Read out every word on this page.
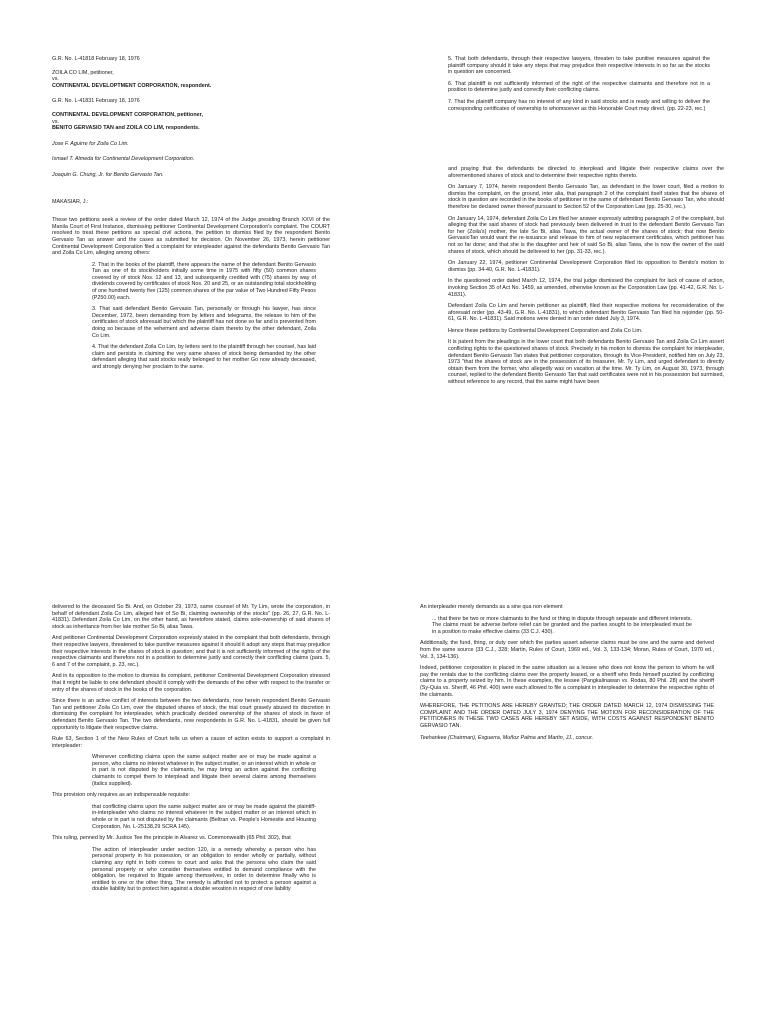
G.R. No. L-41818 February 18, 1976

ZOILA CO LIM, petitioner,

vs.

CONTINENTAL DEVELOPTMENT CORPORATION, respondent.

G.R. No. L-41831 February 18, 1976

CONTINENTAL DEVELOPMENT CORPORATION, petitioner,

vs.

BENITO GERVASIO TAN and ZOILA CO LIM, respondents.

Jose F. Aguirre for Zoila Co Lim.

Ismael T. Almeda for Continental Development Corporation.

Joaquin G. Chung, Jr. for Benito Gervasio Tan.

MAKASIAR, J.:

These two petitions seek a review of the order dated March 12, 1974 of the Judge presiding Branch XXVI of the Manila Court of First Instance, dismissing petitioner Continental Development Corporation's complaint. The COURT resolved to treat these petitions as special civil actions, the petition to dismiss filed by the respondent Benito Gervasio Tan as answer and the cases as submitted for decision. On November 26, 1973, herein petitioner Continental Development Corporation filed a complaint for interpleader against the defendants Benito Gervasio Tan and Zoila Co Lim, alleging among others:

2. That in the books of the plaintiff, there appears the name of the defendant Benito Gervasio Tan as one of its stockholders initially some time in 1975 with fifty (50) common shares covered by of stock Nos. 12 and 13, and subsequently credited with (75) shares by way of dividends covered by certificates of stock Nos. 20 and 25, or an outstanding total stockholding of one hundred twenty five (125) common shares of the par value of Two Hundred Fifty Pesos (P250.00) each.

3. That said defendant Benito Gervasio Tan, personally or through his lawyer, has since December, 1972, been demanding from by letters and telegrams, the release to him of the certificates of stock aforesaid but which the plaintiff has not done so far and is prevented from doing so because of the vehement and adverse claim thereto by the other defendant, Zoila Co Lim.

4. That the defendant Zoila Co Lim, by letters sent to the plaintiff through her counsel, has laid claim and persists in claiming the very same shares of stock being demanded by the other defendant alleging that said stocks really belonged to her mother Go now already deceased, and strongly denying her proclaim to the same.

5. That both defendants, through their respective lawyers, threaten to take punitive measures against the plaintiff company should it take any steps that may prejudice their respective interests in so far as the stocks in question are concerned.

6. That plaintiff is not sufficiently informed of the right of the respective claimants and therefore not in a position to determine justly and correctly their conflicting claims.

7. That the plaintiff company has no interest of any kind in said stocks and is ready and willing to deliver the corresponding certificates of ownership to whomsoever as this Honorable Court may direct. (pp. 22-23, rec.)

and praying that the defendants be directed to interplead and litigate their respective claims over the aforementioned shares of stock and to determine their respective rights thereto.

On January 7, 1974, herein respondent Benito Gervasio Tan, as defendant in the lower court, filed a motion to dismiss the complaint, on the ground, inter alia, that paragraph 2 of the complaint itself states that the shares of stock in question are recorded in the books of petitioner in the same of defendant Benito Gervasio Tan, who should therefore be declared owner thereof pursuant to Section 52 of the Corporation Law (pp. 25-30, rec.).

On January 14, 1974, defendant Zoila Co Lim filed her answer expressly admiting paragraph 2 of the complaint, but alleging that the said shares of stock had previously been delivered in trust to the defendant Benito Gervasio Tan for her (Zoila's) mother, the late So Bi, alias Tawa, the actual owner of the shares of stock; that now Benito GervasioTan would want the re-issuance and release to him of new replacement certificates, which petitioner has not so far done; and that she is the daughter and heir of said So Bi, alias Tawa, she is now the owner of the said shares of stock, which should be delivered to her (pp. 31-33, rec.).

On January 22, 1974, petitioner Continental Development Corporation filed its opposition to Benito's motion to dismiss (pp. 34-40, G.R. No. L-41831).

In the questioned order dated March 12, 1974, the trial judge dismissed the complaint for lack of cause of action, invoking Section 35 of Act No. 1459, as amended, otherwise known as the Corporation Law (pp. 41-42, G.R. No. L-41831).

Defendant Zoila Co Lim and herein petitioner as plaintiff, filed their respective motions for reconsideration of the aforesaid order (pp. 43-49, G.R. No. L-41831), to which defendant Benito Gervasio Tan filed his rejoinder (pp. 50-61, G.R. No. L-41831). Said motions were denied in an order dated July 3, 1974.

Hence these petitions by Continental Development Corporation and Zoila Co Lim.

It is patent from the pleadings in the lower court that both defendants Benito Gervasio Tan and Zoila Co Lim assert conflicting rights to the questioned shares of stock. Precisely in his motion to dismiss the complaint for interpleader, defendant Benito Gervasio Tan states that petitioner corporation, through its Vice-President, notified him on July 23, 1973 "that the shares of stock are in the possession of its treasurer, Mr. Ty Lim, and urged defendant to directly obtain them from the former, who allegedly was on vacation at the time. Mr. Ty Lim, on August 30, 1973, through counsel, replied to the defendant Benito Gervasio Tan that said certificates were not in his possession but surmised, without reference to any record, that the same might have been

delivered to the deceased So Bi. And, on October 29, 1973, same counsel of Mr. Ty Lim, wrote the corporation, in behalf of defendant Zoila Co Lim, alleged heir of So Bi, claiming ownership of the stocks" (pp. 26, 27, G.R. No. L-41831). Defendant Zoila Co Lim, on the other hand, as heretofore stated, claims sole-ownership of said shares of stock as inheritance from her late mother So Bi, alias Tawa.

And petitioner Continental Development Corporation expressly stated in the complaint that both defendants, through their respective lawyers, threatened to take punitive measures against it should it adopt any steps that may prejudice their respective interests in the shares of stock in question; and that it is not sufficiently informed of the rights of the respective claimants and therefore not in a position to determine justly and correctly their conflicting claims (pars. 5, 6 and 7 of the complaint, p. 23, rec.).

And in its opposition to the motion to dismiss its complaint, petitioner Continental Development Corporation stressed that it might be liable to one defendant should it comply with the demands of the other with respect to the transfer or entry of the shares of stock in the books of the corporation.

Since there is an active conflict of interests between the two defendants, now herein respondent Benito Gervasio Tan and petitioner Zoila Co Lim, over the disputed shares of stock, the trial court gravely abused its discretion in dismissing the complaint for interpleader, which practically decided ownership of the shares of stock in favor of defendant Benito Gervasio Tan. The two defendants, now respondents in G.R. No. L-41831, should be given full opportunity to litigate their respective claims.

Rule 63, Section 1 of the New Rules of Court tells us when a cause of action exists to support a complaint in interpleader:

Whenever conflicting claims upon the same subject matter are or may be made against a person, who claims no interest whatever in the subject matter, or an interest which in whole or in part is not disputed by the claimants, he may bring an action against the conflicting claimants to compel them to interplead and litigate their several claims among themselves (italics supplied).

This provision only requires as an indispensable requisite:

that conflicting claims upon the same subject matter are or may be made against the plaintiff-in-interpleader who claims no interest whatever in the subject matter or an interest which in whole or in part is not disputed by the claimants (Beltran vs. People's Homesite and Housing Corporation, No. L-25138,29 SCRA 145).

This ruling, penned by Mr. Justice Tee the principle in Alvarez vs. Commonwealth (65 Phil. 302), that

The action of interpleader under section 120, is a remedy whereby a person who has personal property in his possession, or an obligation to render wholly or partially, without claiming any right in both comes to court and asks that the persons who claim the said personal property or who consider themselves entitled to demand compliance with the obligation, be required to litigate among themselves, in order to determine finally who is entitled to one or the other thing. The remedy is afforded not to protect a person against a double liability but to protect him against a double vexation in respect of one liability

An interpleader merely demands as a sine qua non element

... that there be two or more claimants to the fund or thing in dispute through separate and different interests. The claims must be adverse before relief can be granted and the parties sought to be interpleaded must be in a position to make effective claims (33 C.J. 430).

Additionally, the fund, thing, or duty over which the parties assert adverse claims must be one and the same and derived from the same source (33 C.J., 328; Martin, Rules of Court, 1969 ed., Vol. 3, 133-134; Moran, Rules of Court, 1970 ed., Vol. 3, 134-136).

Indeed, petitioner corporation is placed in the same situation as a lessee who does not know the person to whom he will pay the rentals due to the conflicting claims over the property leased, or a sheriff who finds himself puzzled by conflicting claims to a property seized by him. In these examples, the lessee (Pangkalinawan vs. Rodas, 80 Phil. 28) and the sheriff (Sy-Quia vs. Sheriff, 46 Phil. 400) were each allowed to file a complaint in interpleader to determine the respective rights of the claimants.

WHEREFORE, THE PETITIONS ARE HEREBY GRANTED; THE ORDER DATED MARCH 12, 1974 DISMISSING THE COMPLAINT AND THE ORDER DATED JULY 3, 1974 DENYING THE MOTION FOR RECONSIDERATION OF THE PETITIONERS IN THESE TWO CASES ARE HEREBY SET ASIDE, WITH COSTS AGAINST RESPONDENT BENITO GERVASIO TAN.

Teehankee (Chairman), Esguerra, Muñoz Palma and Martin, JJ., concur.
